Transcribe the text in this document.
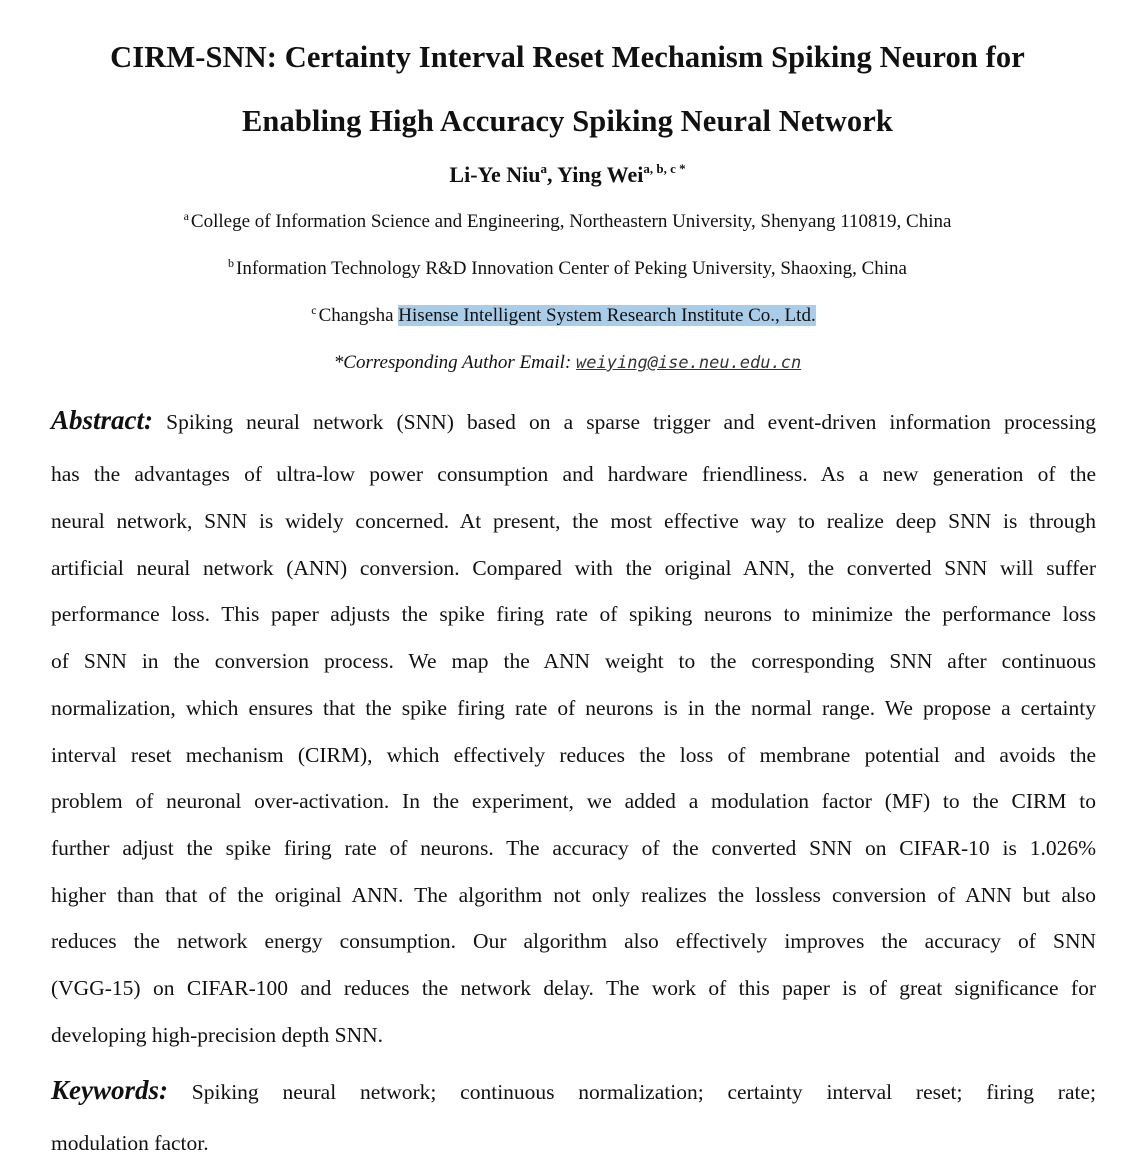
CIRM-SNN: Certainty Interval Reset Mechanism Spiking Neuron for
Enabling High Accuracy Spiking Neural Network
Li-Ye Niu$^a$, Ying Wei$^{a, b, c *}$
$^a$ College of Information Science and Engineering, Northeastern University, Shenyang 110819, China
$^b$ Information Technology R&D Innovation Center of Peking University, Shaoxing, China
$^c$ Changsha Hisense Intelligent System Research Institute Co., Ltd.
*Corresponding Author Email: weiying@ise.neu.edu.cn
Abstract: Spiking neural network (SNN) based on a sparse trigger and event-driven information processing
has the advantages of ultra-low power consumption and hardware friendliness. As a new generation of the
neural network, SNN is widely concerned. At present, the most effective way to realize deep SNN is through
artificial neural network (ANN) conversion. Compared with the original ANN, the converted SNN will suffer
performance loss. This paper adjusts the spike firing rate of spiking neurons to minimize the performance loss
of SNN in the conversion process. We map the ANN weight to the corresponding SNN after continuous
normalization, which ensures that the spike firing rate of neurons is in the normal range. We propose a certainty
interval reset mechanism (CIRM), which effectively reduces the loss of membrane potential and avoids the
problem of neuronal over-activation. In the experiment, we added a modulation factor (MF) to the CIRM to
further adjust the spike firing rate of neurons. The accuracy of the converted SNN on CIFAR-10 is 1.026%
higher than that of the original ANN. The algorithm not only realizes the lossless conversion of ANN but also
reduces the network energy consumption. Our algorithm also effectively improves the accuracy of SNN
(VGG-15) on CIFAR-100 and reduces the network delay. The work of this paper is of great significance for
developing high-precision depth SNN.
Keywords: Spiking neural network; continuous normalization; certainty interval reset; firing rate;
modulation factor.
